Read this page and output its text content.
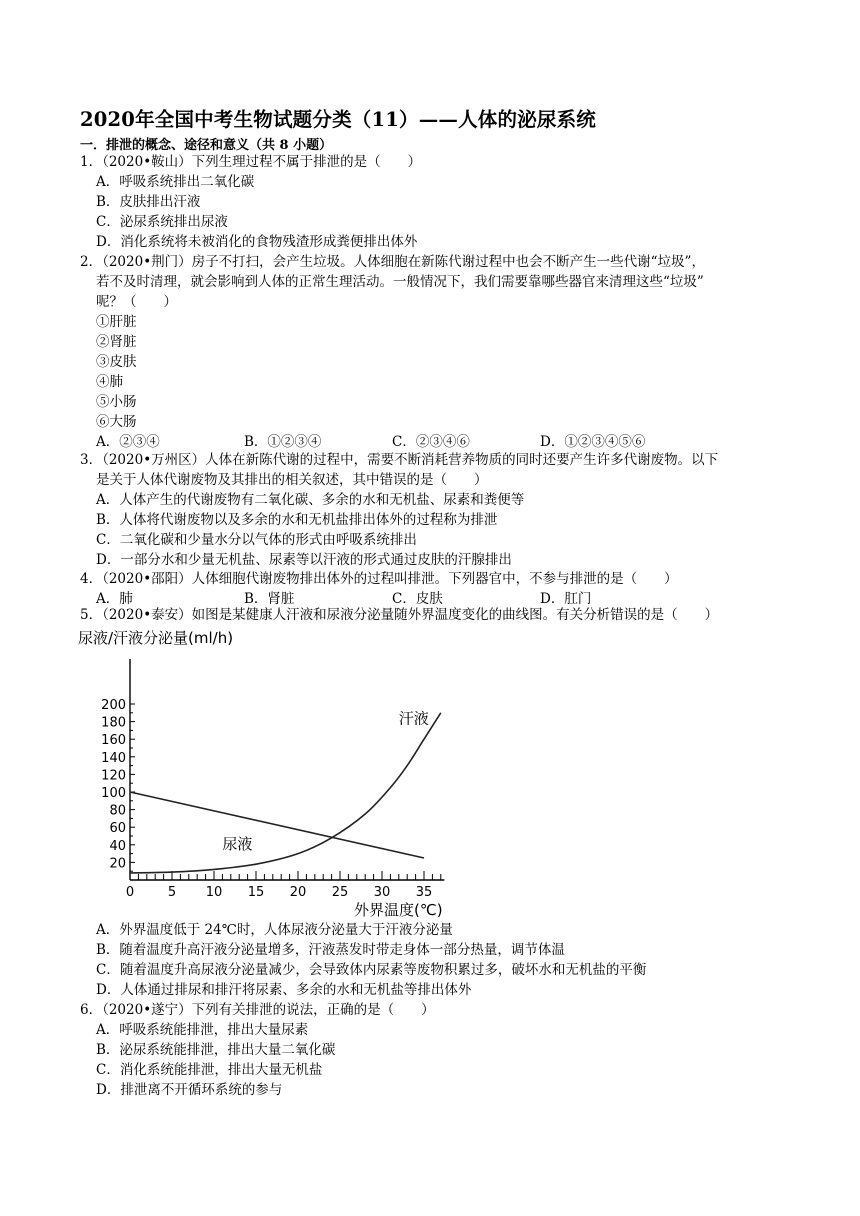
2020年全国中考生物试题分类（11）——人体的泌尿系统
一．排泄的概念、途径和意义（共 8 小题）
1．（2020•鞍山）下列生理过程不属于排泄的是（　　）
A．呼吸系统排出二氧化碳
B．皮肤排出汗液
C．泌尿系统排出尿液
D．消化系统将未被消化的食物残渣形成粪便排出体外
2．（2020•荆门）房子不打扫，会产生垃圾。人体细胞在新陈代谢过程中也会不断产生一些代谢“垃圾”，
若不及时清理，就会影响到人体的正常生理活动。一般情况下，我们需要靠哪些器官来清理这些“垃圾”
呢？（　　）
①肝脏
②肾脏
③皮肤
④肺
⑤小肠
⑥大肠
A．②③④	B．①②③④	C．②③④⑥	D．①②③④⑤⑥
3．（2020•万州区）人体在新陈代谢的过程中，需要不断消耗营养物质的同时还要产生许多代谢废物。以下
是关于人体代谢废物及其排出的相关叙述，其中错误的是（　　）
A．人体产生的代谢废物有二氧化碳、多余的水和无机盐、尿素和粪便等
B．人体将代谢废物以及多余的水和无机盐排出体外的过程称为排泄
C．二氧化碳和少量水分以气体的形式由呼吸系统排出
D．一部分水和少量无机盐、尿素等以汗液的形式通过皮肤的汗腺排出
4．（2020•邵阳）人体细胞代谢废物排出体外的过程叫排泄。下列器官中，不参与排泄的是（　　）
A．肺	B．肾脏	C．皮肤	D．肛门
5．（2020•泰安）如图是某健康人汗液和尿液分泌量随外界温度变化的曲线图。有关分析错误的是（　　）
尿液/汗液分泌量(ml/h)
外界温度(℃)
0	5 10 15 20 25 30 35
20
40
60
80
100
120
140
160
180
200
尿液
汗液
A．外界温度低于 24℃时，人体尿液分泌量大于汗液分泌量
B．随着温度升高汗液分泌量增多，汗液蒸发时带走身体一部分热量，调节体温
C．随着温度升高尿液分泌量减少，会导致体内尿素等废物积累过多，破坏水和无机盐的平衡
D．人体通过排尿和排汗将尿素、多余的水和无机盐等排出体外
6．（2020•遂宁）下列有关排泄的说法，正确的是（　　）
A．呼吸系统能排泄，排出大量尿素
B．泌尿系统能排泄，排出大量二氧化碳
C．消化系统能排泄，排出大量无机盐
D．排泄离不开循环系统的参与
